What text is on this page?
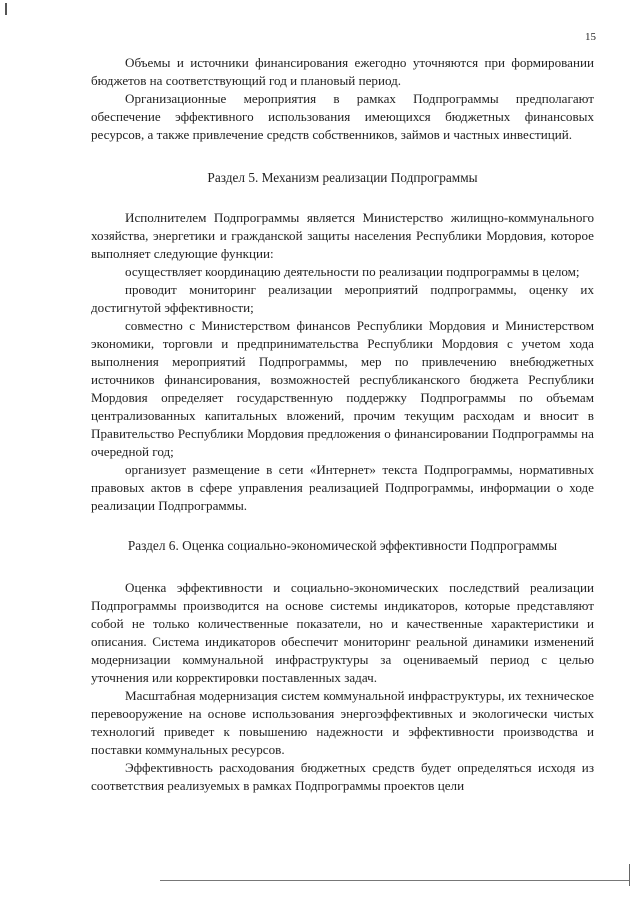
15

Объемы и источники финансирования ежегодно уточняются при формировании бюджетов на соответствующий год и плановый период.

Организационные мероприятия в рамках Подпрограммы предполагают обеспечение эффективного использования имеющихся бюджетных финансовых ресурсов, а также привлечение средств собственников, займов и частных инвестиций.

Раздел 5. Механизм реализации Подпрограммы

Исполнителем Подпрограммы является Министерство жилищно-коммунального хозяйства, энергетики и гражданской защиты населения Республики Мордовия, которое выполняет следующие функции:

осуществляет координацию деятельности по реализации подпрограммы в целом;

проводит мониторинг реализации мероприятий подпрограммы, оценку их достигнутой эффективности;

совместно с Министерством финансов Республики Мордовия и Министерством экономики, торговли и предпринимательства Республики Мордовия с учетом хода выполнения мероприятий Подпрограммы, мер по привлечению внебюджетных источников финансирования, возможностей республиканского бюджета Республики Мордовия определяет государственную поддержку Подпрограммы по объемам централизованных капитальных вложений, прочим текущим расходам и вносит в Правительство Республики Мордовия предложения о финансировании Подпрограммы на очередной год;

организует размещение в сети «Интернет» текста Подпрограммы, нормативных правовых актов в сфере управления реализацией Подпрограммы, информации о ходе реализации Подпрограммы.

Раздел 6. Оценка социально-экономической эффективности Подпрограммы

Оценка эффективности и социально-экономических последствий реализации Подпрограммы производится на основе системы индикаторов, которые представляют собой не только количественные показатели, но и качественные характеристики и описания. Система индикаторов обеспечит мониторинг реальной динамики изменений модернизации коммунальной инфраструктуры за оцениваемый период с целью уточнения или корректировки поставленных задач.

Масштабная модернизация систем коммунальной инфраструктуры, их техническое перевооружение на основе использования энергоэффективных и экологически чистых технологий приведет к повышению надежности и эффективности производства и поставки коммунальных ресурсов.

Эффективность расходования бюджетных средств будет определяться исходя из соответствия реализуемых в рамках Подпрограммы проектов цели
